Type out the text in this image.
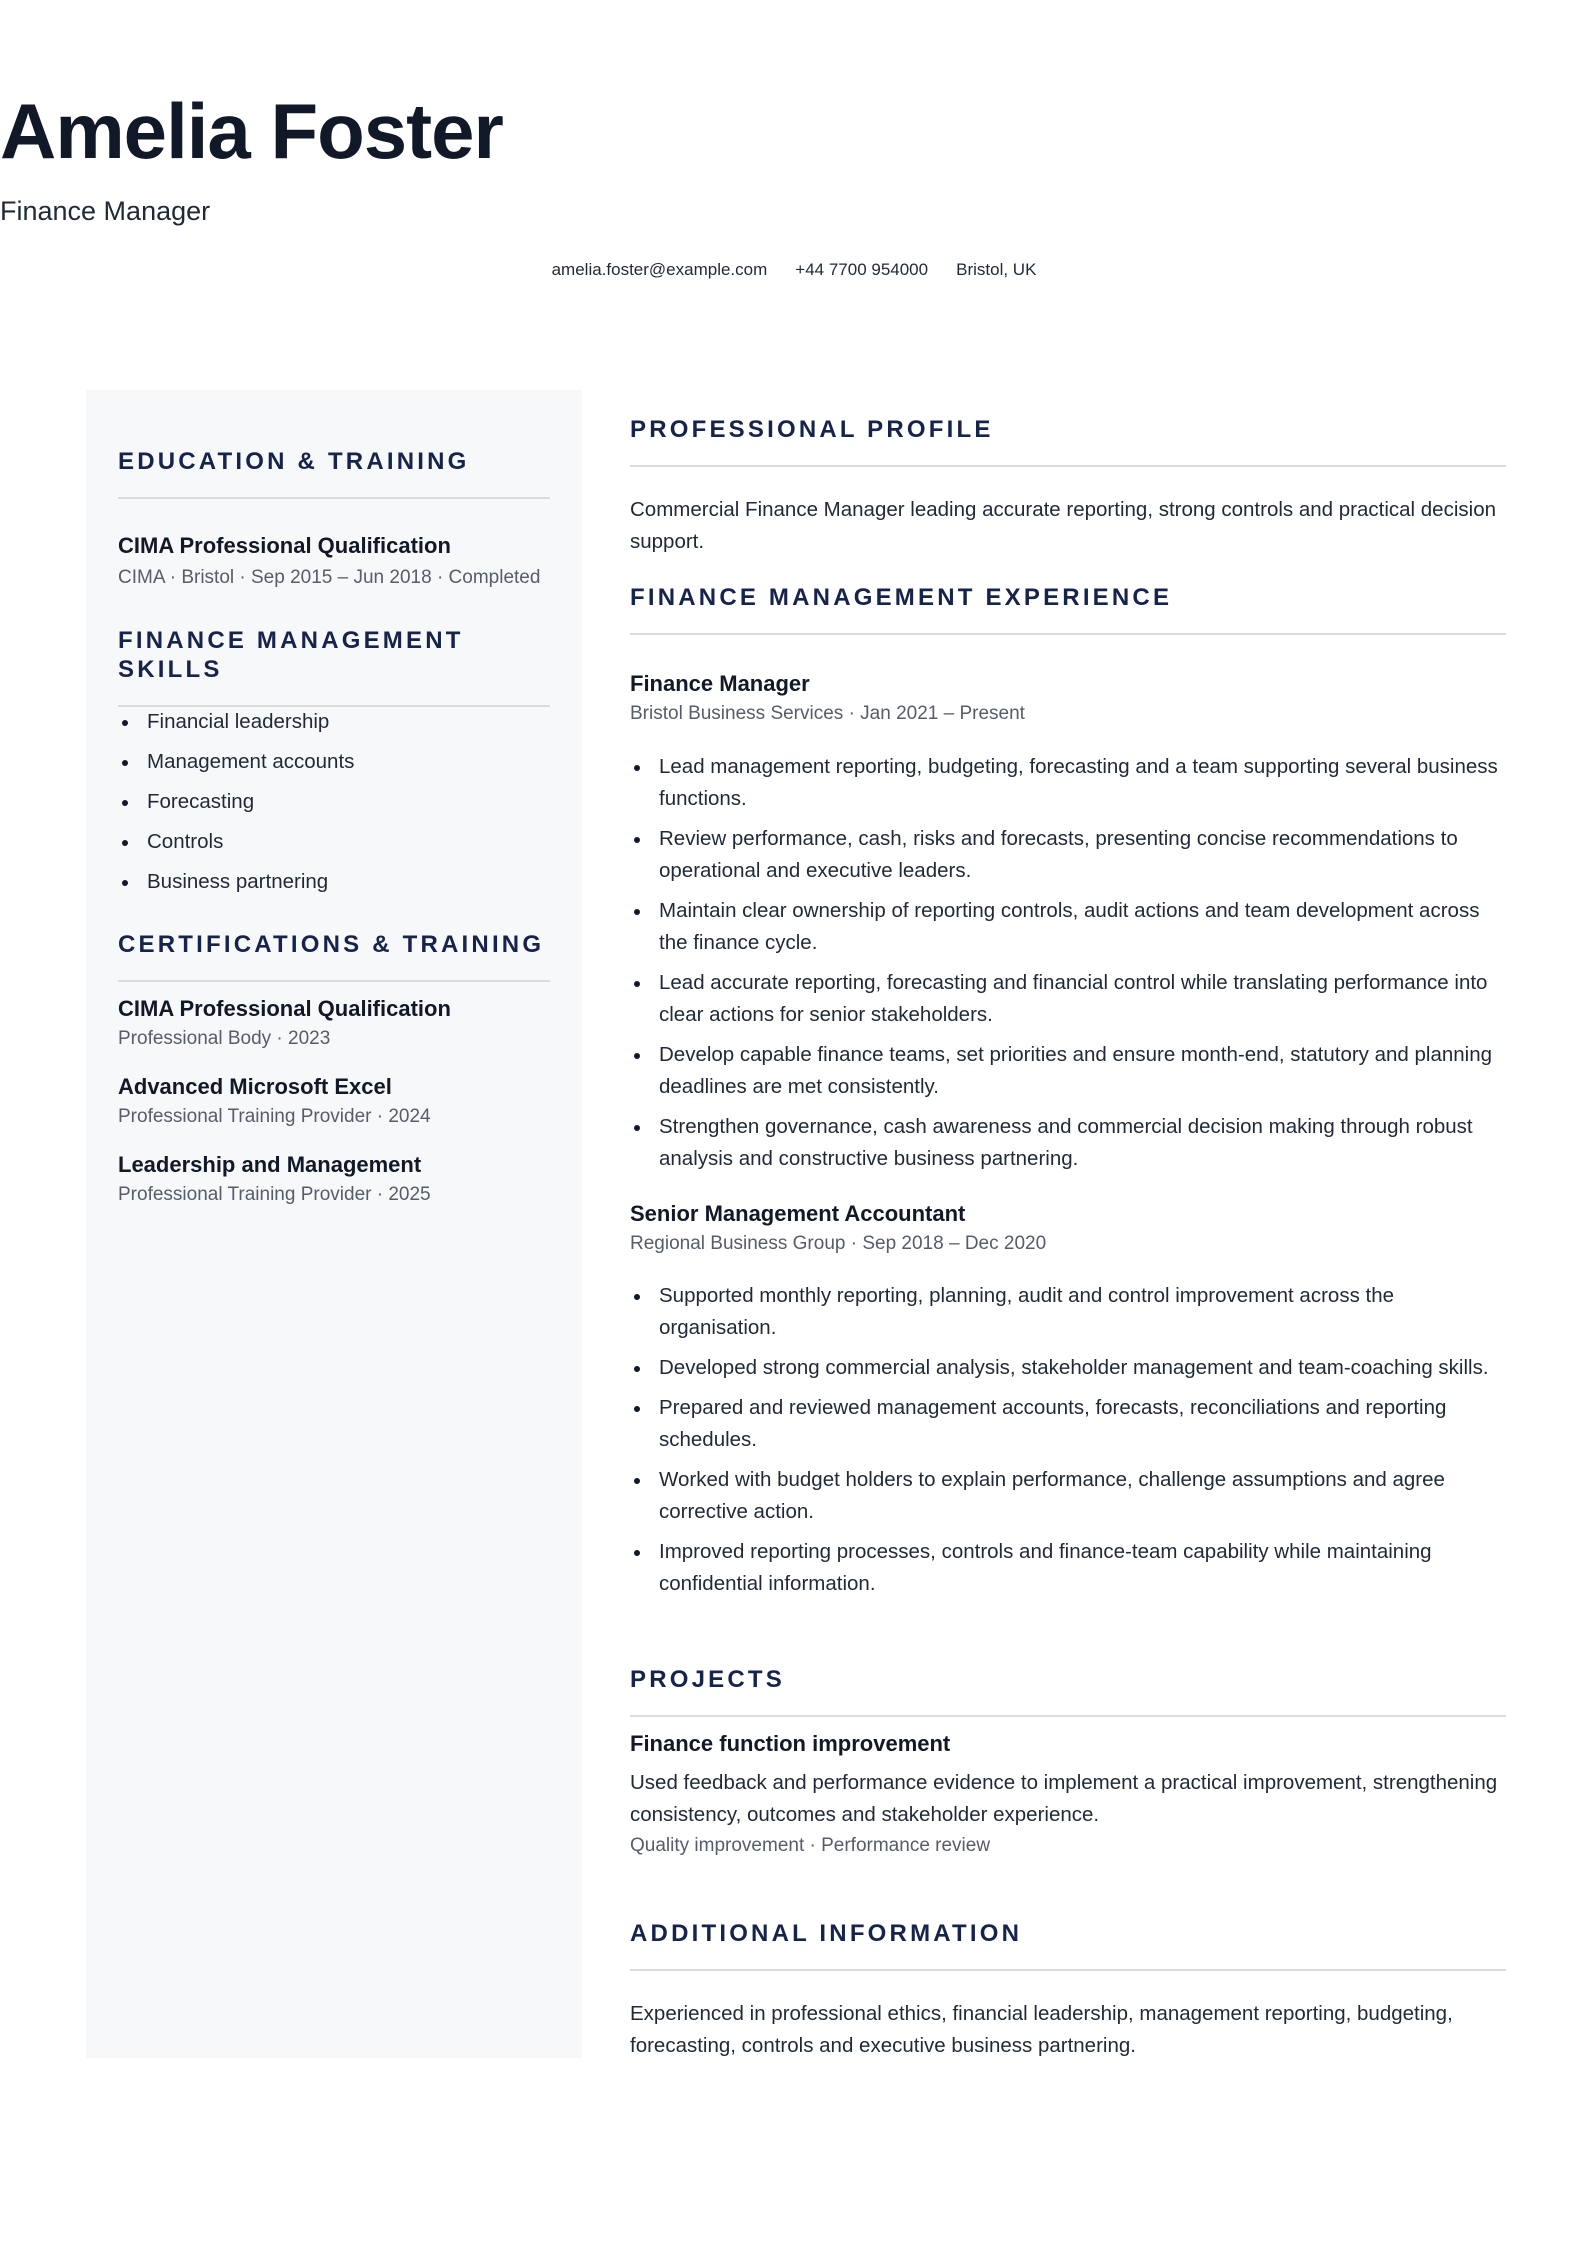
Amelia Foster
Finance Manager
amelia.foster@example.com +44 7700 954000 Bristol, UK
EDUCATION & TRAINING
CIMA Professional Qualification
CIMA · Bristol · Sep 2015 – Jun 2018 · Completed
FINANCE MANAGEMENT SKILLS
Financial leadership
Management accounts
Forecasting
Controls
Business partnering
CERTIFICATIONS & TRAINING
CIMA Professional Qualification
Professional Body · 2023
Advanced Microsoft Excel
Professional Training Provider · 2024
Leadership and Management
Professional Training Provider · 2025
PROFESSIONAL PROFILE
Commercial Finance Manager leading accurate reporting, strong controls and practical decision support.
FINANCE MANAGEMENT EXPERIENCE
Finance Manager
Bristol Business Services · Jan 2021 – Present
Lead management reporting, budgeting, forecasting and a team supporting several business functions.
Review performance, cash, risks and forecasts, presenting concise recommendations to operational and executive leaders.
Maintain clear ownership of reporting controls, audit actions and team development across the finance cycle.
Lead accurate reporting, forecasting and financial control while translating performance into clear actions for senior stakeholders.
Develop capable finance teams, set priorities and ensure month-end, statutory and planning deadlines are met consistently.
Strengthen governance, cash awareness and commercial decision making through robust analysis and constructive business partnering.
Senior Management Accountant
Regional Business Group · Sep 2018 – Dec 2020
Supported monthly reporting, planning, audit and control improvement across the organisation.
Developed strong commercial analysis, stakeholder management and team-coaching skills.
Prepared and reviewed management accounts, forecasts, reconciliations and reporting schedules.
Worked with budget holders to explain performance, challenge assumptions and agree corrective action.
Improved reporting processes, controls and finance-team capability while maintaining confidential information.
PROJECTS
Finance function improvement
Used feedback and performance evidence to implement a practical improvement, strengthening consistency, outcomes and stakeholder experience.
Quality improvement · Performance review
ADDITIONAL INFORMATION
Experienced in professional ethics, financial leadership, management reporting, budgeting, forecasting, controls and executive business partnering.
